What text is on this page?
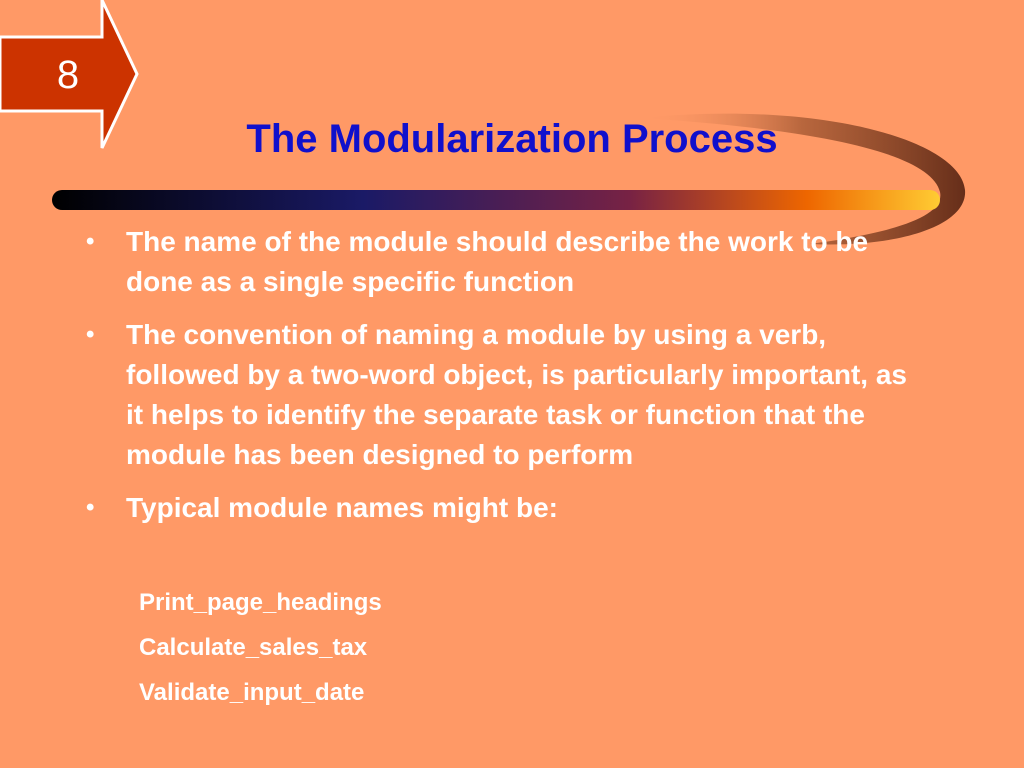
8
The Modularization Process
• The name of the module should describe the work to be done as a single specific function
• The convention of naming a module by using a verb, followed by a two-word object, is particularly important, as it helps to identify the separate task or function that the module has been designed to perform
• Typical module names might be:
Print_page_headings
Calculate_sales_tax
Validate_input_date
